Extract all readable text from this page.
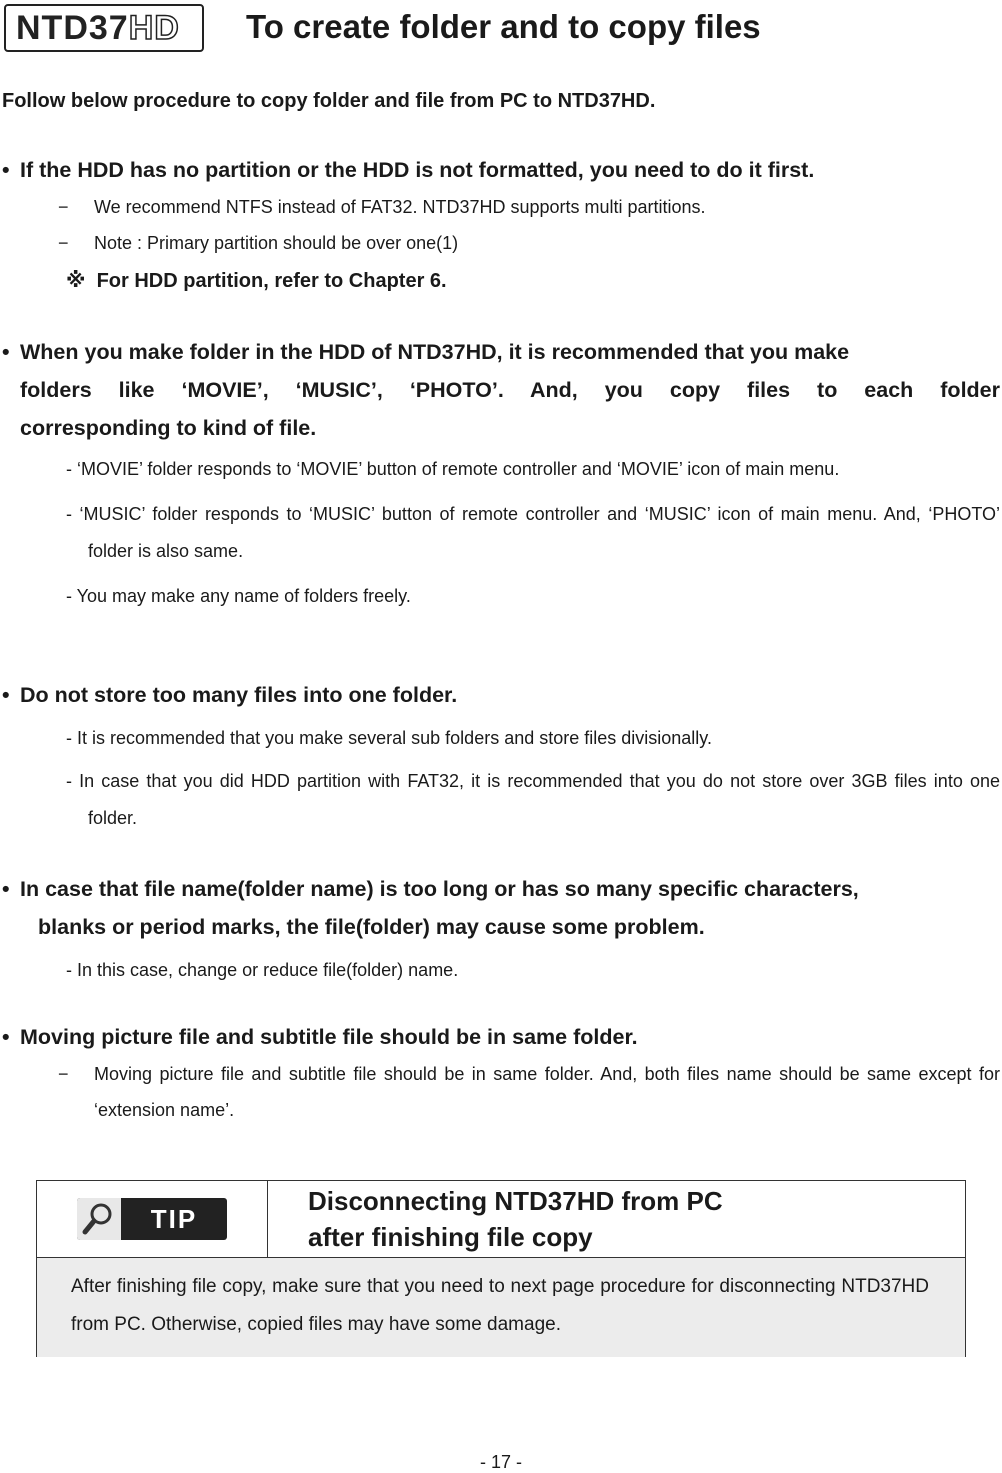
NTD37 HD To create folder and to copy files
Follow below procedure to copy folder and file from PC to NTD37HD.
• If the HDD has no partition or the HDD is not formatted, you need to do it first.
− We recommend NTFS instead of FAT32. NTD37HD supports multi partitions.
− Note : Primary partition should be over one(1)
※ For HDD partition, refer to Chapter 6.
• When you make folder in the HDD of NTD37HD, it is recommended that you make
folders like ‘MOVIE’, ‘MUSIC’, ‘PHOTO’. And, you copy files to each folder
corresponding to kind of file.
- ‘MOVIE’ folder responds to ‘MOVIE’ button of remote controller and ‘MOVIE’ icon of main menu.
- ‘MUSIC’ folder responds to ‘MUSIC’ button of remote controller and ‘MUSIC’ icon of main menu. And, ‘PHOTO’ folder is also same.
- You may make any name of folders freely.
• Do not store too many files into one folder.
- It is recommended that you make several sub folders and store files divisionally.
- In case that you did HDD partition with FAT32, it is recommended that you do not store over 3GB files into one folder.
• In case that file name(folder name) is too long or has so many specific characters,
blanks or period marks, the file(folder) may cause some problem.
- In this case, change or reduce file(folder) name.
• Moving picture file and subtitle file should be in same folder.
− Moving picture file and subtitle file should be in same folder. And, both files name should be same except for ‘extension name’.
TIP
Disconnecting NTD37HD from PC
after finishing file copy
After finishing file copy, make sure that you need to next page procedure for disconnecting NTD37HD from PC. Otherwise, copied files may have some damage.
- 17 -
